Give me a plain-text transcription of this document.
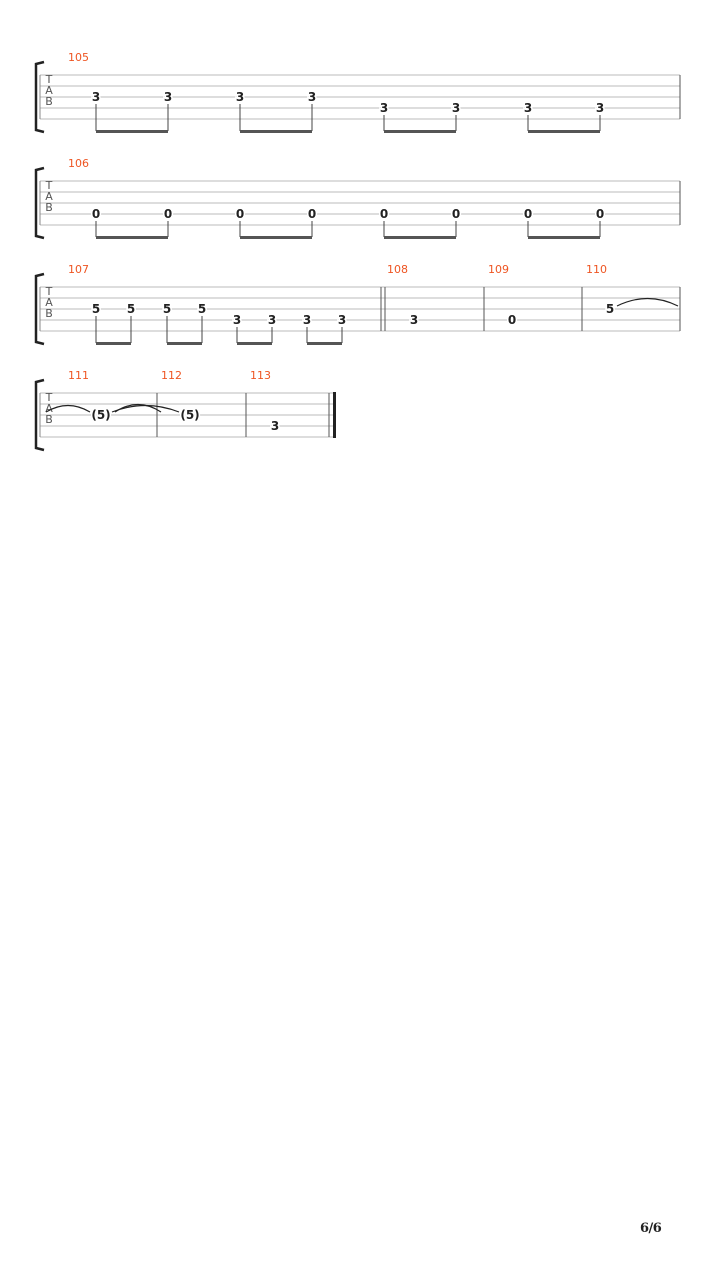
T
A
B
105
3	3	3	3
3	3	3	3
T
A
B
106
0	0	0	0	0	0	0	0
T
A
B
107
5 5 5 5
3 3 3 3
108
3
109
0
110
5
T
A
B
111
(5)
112
(5)
113
3
6/6
